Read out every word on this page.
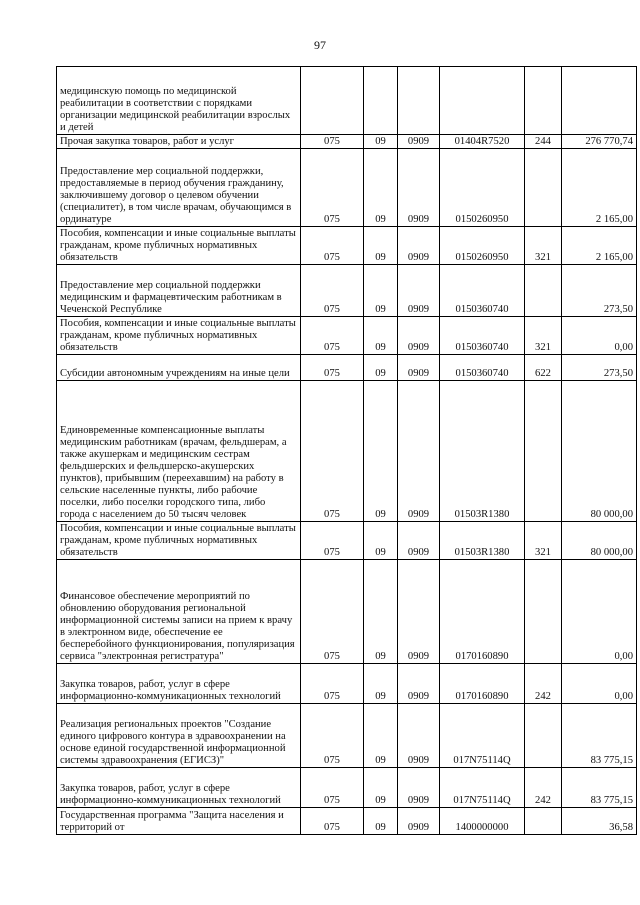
97
медицинскую помощь по медицинской реабилитации в соответствии с порядками организации медицинской реабилитации взрослых и детей						
Прочая закупка товаров, работ и услуг	075	09	0909	01404R7520	244	276 770,74
Предоставление мер социальной поддержки, предоставляемые в период обучения гражданину, заключившему договор о целевом обучении (специалитет), в том числе врачам, обучающимся в ординатуре	075	09	0909	0150260950		2 165,00
Пособия, компенсации и иные социальные выплаты гражданам, кроме публичных нормативных обязательств	075	09	0909	0150260950	321	2 165,00
Предоставление мер социальной поддержки медицинским и фармацевтическим работникам в Чеченской Республике	075	09	0909	0150360740		273,50
Пособия, компенсации и иные социальные выплаты гражданам, кроме публичных нормативных обязательств	075	09	0909	0150360740	321	0,00
Субсидии автономным учреждениям на иные цели	075	09	0909	0150360740	622	273,50
Единовременные компенсационные выплаты медицинским работникам (врачам, фельдшерам, а также акушеркам и медицинским сестрам фельдшерских и фельдшерско-акушерских пунктов), прибывшим (переехавшим) на работу в сельские населенные пункты, либо рабочие поселки, либо поселки городского типа, либо города с населением до 50 тысяч человек	075	09	0909	01503R1380		80 000,00
Пособия, компенсации и иные социальные выплаты гражданам, кроме публичных нормативных обязательств	075	09	0909	01503R1380	321	80 000,00
Финансовое обеспечение мероприятий по обновлению оборудования региональной информационной системы записи на прием к врачу в электронном виде, обеспечение ее бесперебойного функционирования, популяризация сервиса "электронная регистратура"	075	09	0909	0170160890		0,00
Закупка товаров, работ, услуг в сфере информационно-коммуникационных технологий	075	09	0909	0170160890	242	0,00
Реализация региональных проектов "Создание единого цифрового контура в здравоохранении на основе единой государственной информационной системы здравоохранения (ЕГИСЗ)"	075	09	0909	017N75114Q		83 775,15
Закупка товаров, работ, услуг в сфере информационно-коммуникационных технологий	075	09	0909	017N75114Q	242	83 775,15
Государственная программа "Защита населения и территорий от	075	09	0909	1400000000		36,58
